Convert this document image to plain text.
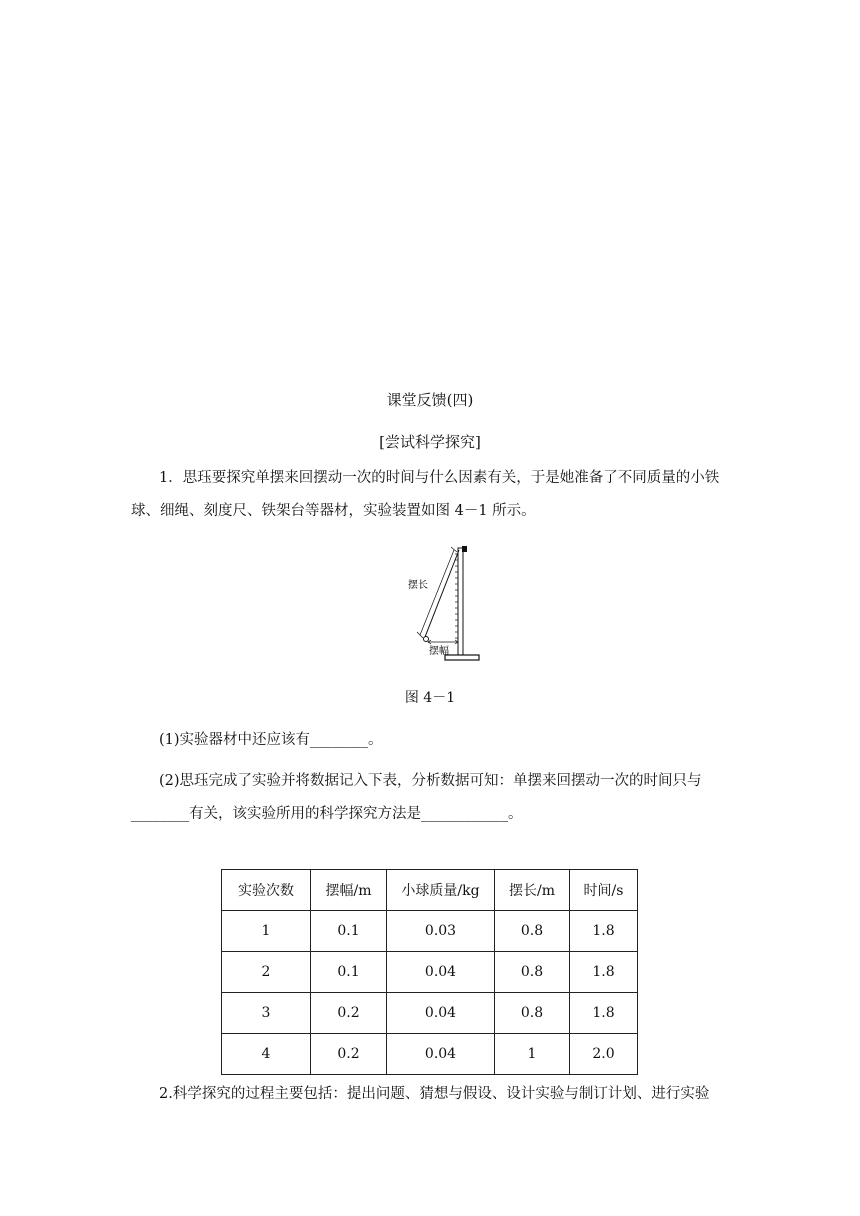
课堂反馈(四)
[尝试科学探究]
1．思珏要探究单摆来回摆动一次的时间与什么因素有关，于是她准备了不同质量的小铁球、细绳、刻度尺、铁架台等器材，实验装置如图 4－1 所示。
摆长
摆幅
图 4－1
(1)实验器材中还应该有________。
(2)思珏完成了实验并将数据记入下表，分析数据可知：单摆来回摆动一次的时间只与________有关，该实验所用的科学探究方法是____________。
实验次数	摆幅/m	小球质量/kg	摆长/m	时间/s
1	0.1	0.03	0.8	1.8
2	0.1	0.04	0.8	1.8
3	0.2	0.04	0.8	1.8
4	0.2	0.04	1	2.0
2.科学探究的过程主要包括：提出问题、猜想与假设、设计实验与制订计划、进行实验
